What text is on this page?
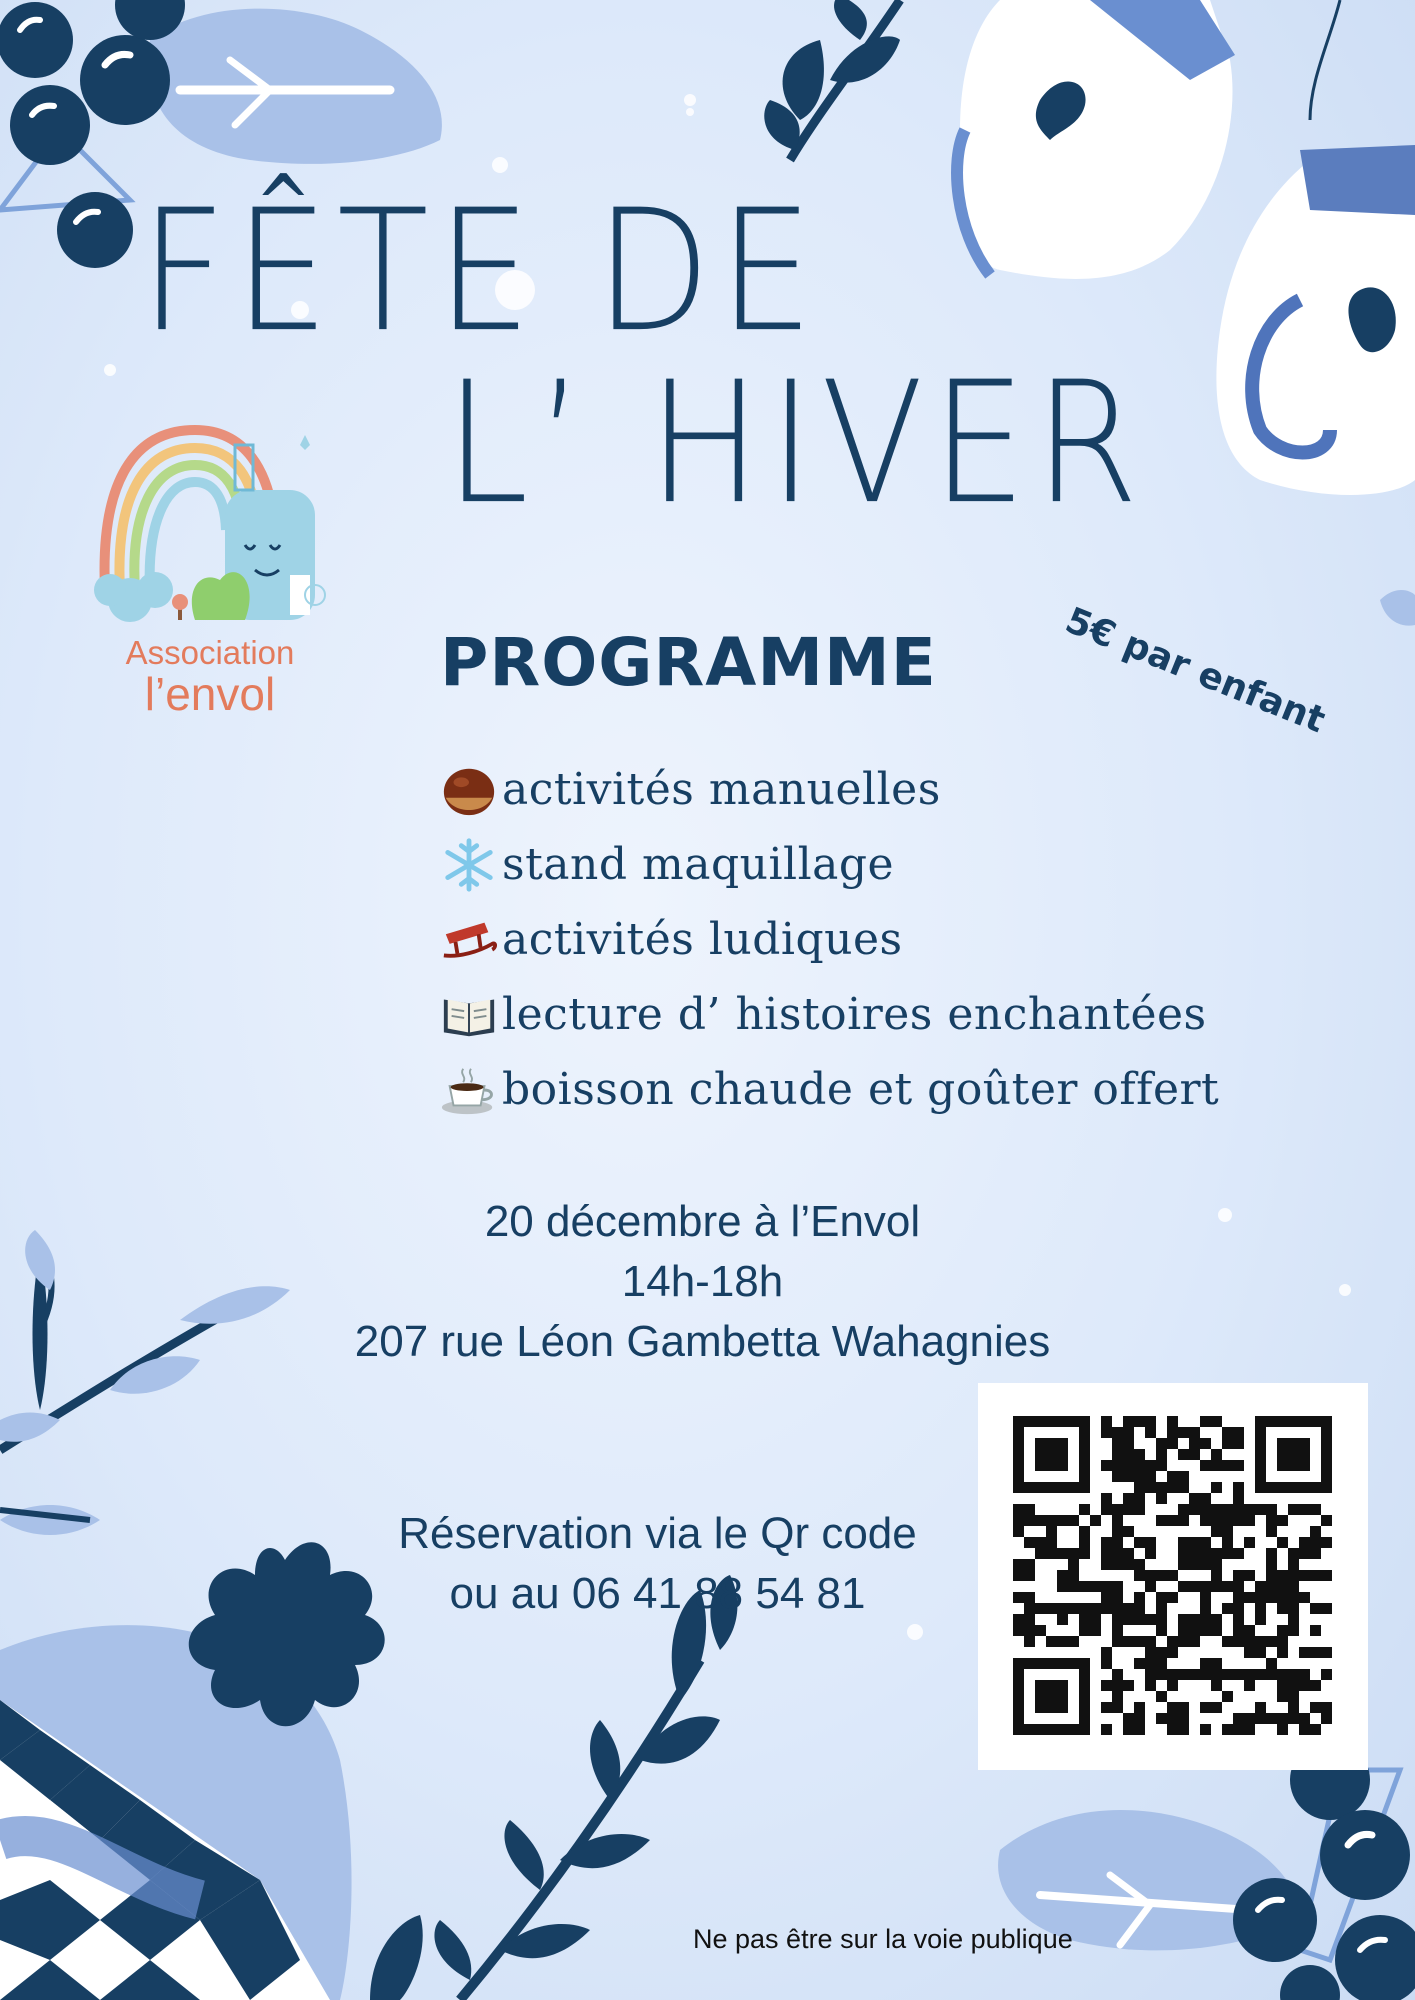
FÊTE DE
L’ HIVER
Association
l’envol	PROGRAMME	5€ par enfant
activités manuelles
stand maquillage
activités ludiques
lecture d’ histoires enchantées
boisson chaude et goûter offert
20 décembre à l’Envol
14h-18h
207 rue Léon Gambetta Wahagnies
Réservation via le Qr code
ou au 06 41 88 54 81
Ne pas être sur la voie publique
